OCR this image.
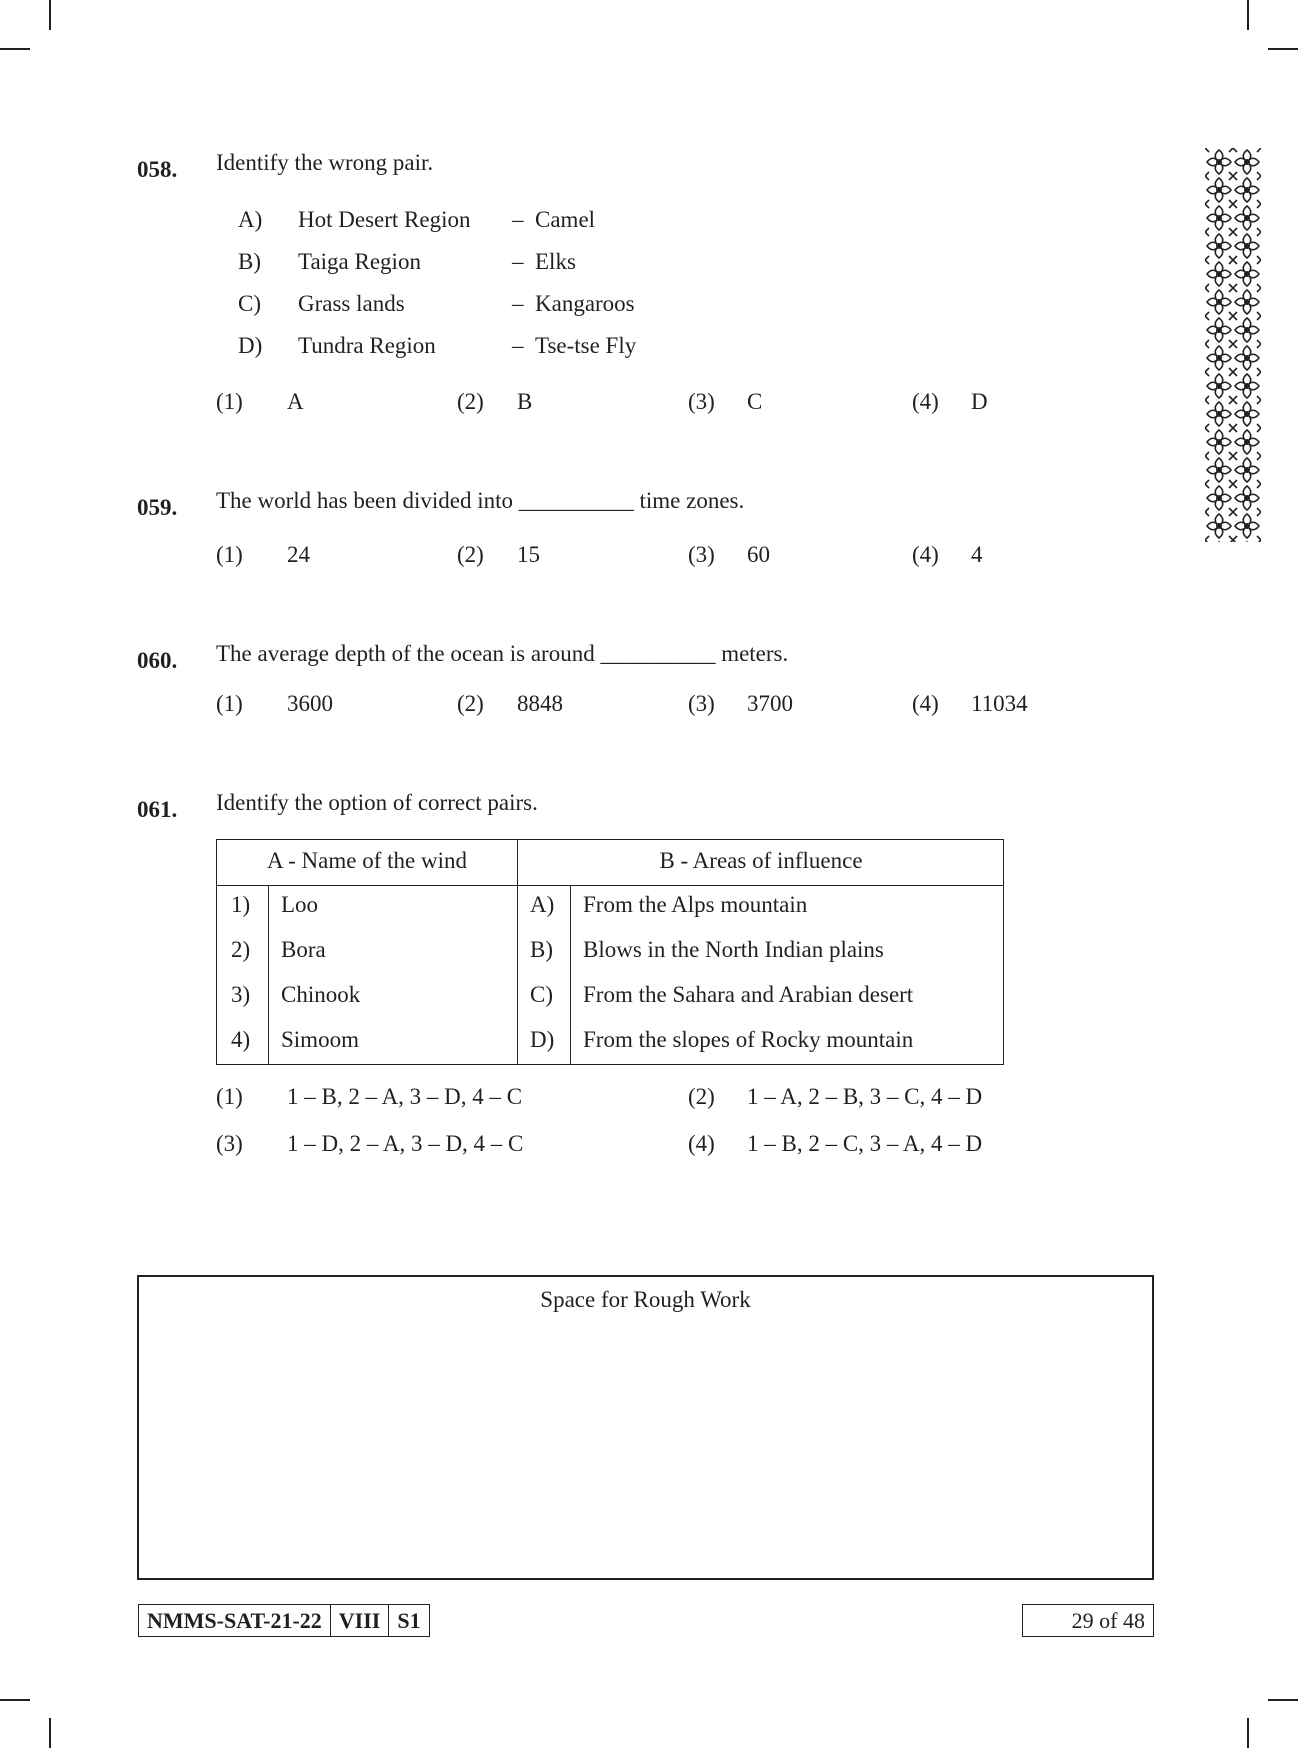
058. Identify the wrong pair.
A) Hot Desert Region – Camel
B) Taiga Region	– Elks
C) Grass lands	– Kangaroos
D) Tundra Region	– Tse-tse Fly
(1) A	(2) B	(3) C	(4) D
059. The world has been divided into __________ time zones.
(1) 24	(2) 15	(3) 60	(4) 4
060. The average depth of the ocean is around __________ meters.
(1) 3600	(2) 8848	(3) 3700	(4) 11034
061. Identify the option of correct pairs.
A - Name of the wind	B - Areas of influence
1) Loo	A) From the Alps mountain
2) Bora	B) Blows in the North Indian plains
3) Chinook	C) From the Sahara and Arabian desert
4) Simoom	D) From the slopes of Rocky mountain
(1) 1 – B, 2 – A, 3 – D, 4 – C	(2) 1 – A, 2 – B, 3 – C, 4 – D
(3) 1 – D, 2 – A, 3 – D, 4 – C	(4) 1 – B, 2 – C, 3 – A, 4 – D
Space for Rough Work
NMMS-SAT-21-22 VIII S1	29 of 48
